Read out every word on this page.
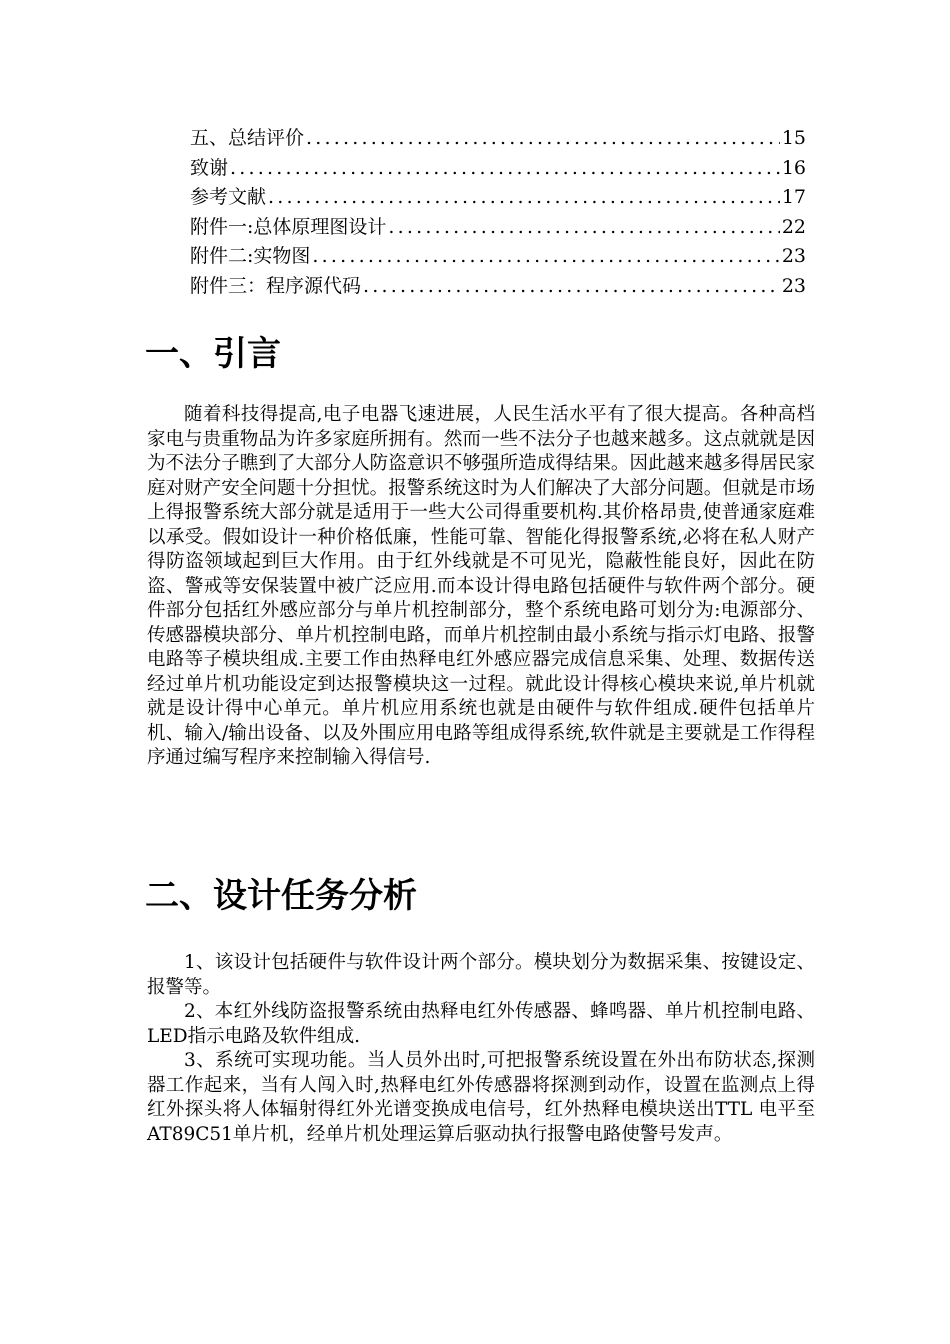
五、总结评价 .....	15
致谢 .....	16
参考文献 .....	17
附件一:总体原理图设计 .....	22
附件二:实物图 .....	23
附件三：程序源代码 .....	23
一、引言

随着科技得提高,电子电器飞速进展，人民生活水平有了很大提高。各种高档家电与贵重物品为许多家庭所拥有。然而一些不法分子也越来越多。这点就就是因为不法分子瞧到了大部分人防盗意识不够强所造成得结果。因此越来越多得居民家庭对财产安全问题十分担忧。报警系统这时为人们解决了大部分问题。但就是市场上得报警系统大部分就是适用于一些大公司得重要机构.其价格昂贵,使普通家庭难以承受。假如设计一种价格低廉，性能可靠、智能化得报警系统,必将在私人财产得防盗领域起到巨大作用。由于红外线就是不可见光，隐蔽性能良好，因此在防盗、警戒等安保装置中被广泛应用.而本设计得电路包括硬件与软件两个部分。硬件部分包括红外感应部分与单片机控制部分，整个系统电路可划分为:电源部分、传感器模块部分、单片机控制电路，而单片机控制由最小系统与指示灯电路、报警电路等子模块组成.主要工作由热释电红外感应器完成信息采集、处理、数据传送经过单片机功能设定到达报警模块这一过程。就此设计得核心模块来说,单片机就就是设计得中心单元。单片机应用系统也就是由硬件与软件组成.硬件包括单片机、输入/输出设备、以及外围应用电路等组成得系统,软件就是主要就是工作得程序通过编写程序来控制输入得信号.

二、设计任务分析

1、该设计包括硬件与软件设计两个部分。模块划分为数据采集、按键设定、报警等。

2、本红外线防盗报警系统由热释电红外传感器、蜂鸣器、单片机控制电路、LED指示电路及软件组成.

3、系统可实现功能。当人员外出时,可把报警系统设置在外出布防状态,探测器工作起来，当有人闯入时,热释电红外传感器将探测到动作，设置在监测点上得红外探头将人体辐射得红外光谱变换成电信号，红外热释电模块送出TTL 电平至AT89C51单片机，经单片机处理运算后驱动执行报警电路使警号发声。
